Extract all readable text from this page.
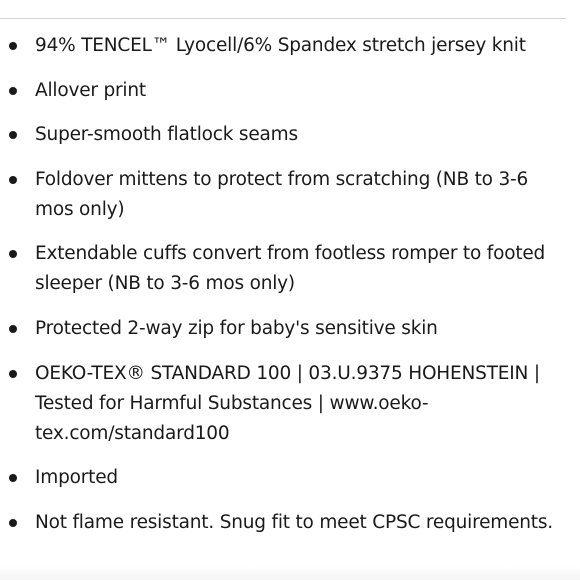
94% TENCEL™ Lyocell/6% Spandex stretch jersey knit
Allover print
Super-smooth flatlock seams
Foldover mittens to protect from scratching (NB to 3-6 mos only)
Extendable cuffs convert from footless romper to footed sleeper (NB to 3-6 mos only)
Protected 2-way zip for baby's sensitive skin
OEKO-TEX® STANDARD 100 | 03.U.9375 HOHENSTEIN | Tested for Harmful Substances | www.oeko-tex.com/standard100
Imported
Not flame resistant. Snug fit to meet CPSC requirements.
